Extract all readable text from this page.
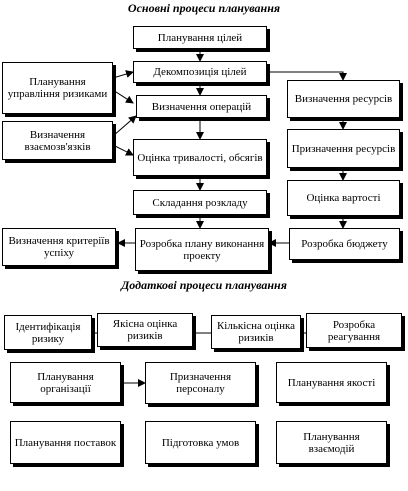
Основні процеси планування
Планування цілей
Декомпозиція цілей
Планування управління ризиками
Визначення операцій
Визначення взаємозв'язків
Оцінка тривалості, обсягів
Складання розкладу
Визначення ресурсів
Призначення ресурсів
Оцінка вартості
Розробка бюджету
Розробка плану виконання проекту
Визначення критеріїв успіху
Додаткові процеси планування
Ідентифікація ризику
Якісна оцінка ризиків
Кількісна оцінка ризиків
Розробка реагування
Планування організації
Призначення персоналу
Планування якості
Планування поставок	Підготовка умов	Планування взаємодій
